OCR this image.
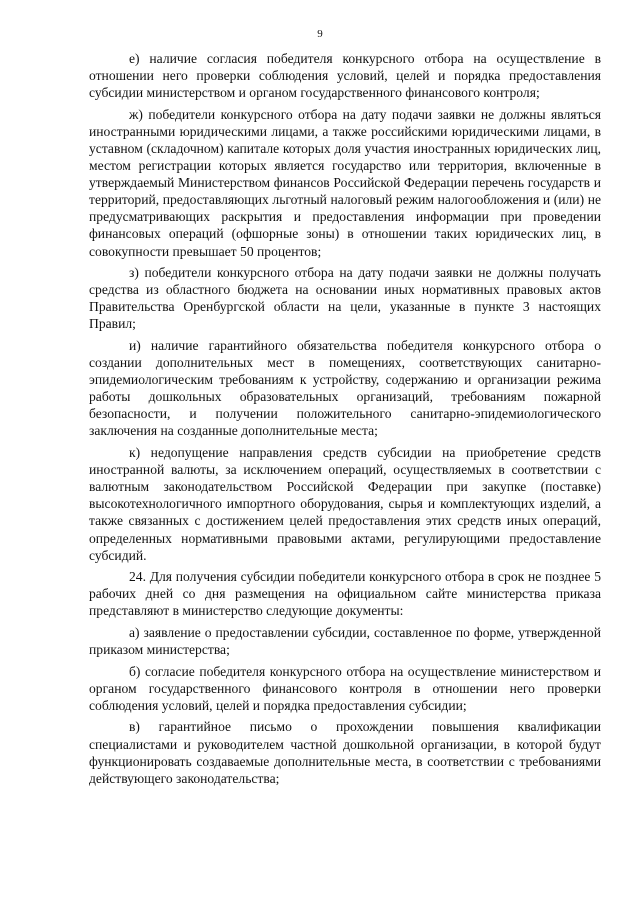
9

е) наличие согласия победителя конкурсного отбора на осуществление в отношении него проверки соблюдения условий, целей и порядка предоставления субсидии министерством и органом государственного финансового контроля;

ж) победители конкурсного отбора на дату подачи заявки не должны являться иностранными юридическими лицами, а также российскими юридическими лицами, в уставном (складочном) капитале которых доля участия иностранных юридических лиц, местом регистрации которых является государство или территория, включенные в утверждаемый Министерством финансов Российской Федерации перечень государств и территорий, предоставляющих льготный налоговый режим налогообложения и (или) не предусматривающих раскрытия и предоставления информации при проведении финансовых операций (офшорные зоны) в отношении таких юридических лиц, в совокупности превышает 50 процентов;

з) победители конкурсного отбора на дату подачи заявки не должны получать средства из областного бюджета на основании иных нормативных правовых актов Правительства Оренбургской области на цели, указанные в пункте 3 настоящих Правил;

и) наличие гарантийного обязательства победителя конкурсного отбора о создании дополнительных мест в помещениях, соответствующих санитарно-эпидемиологическим требованиям к устройству, содержанию и организации режима работы дошкольных образовательных организаций, требованиям пожарной безопасности, и получении положительного санитарно-эпидемиологического заключения на созданные дополнительные места;

к) недопущение направления средств субсидии на приобретение средств иностранной валюты, за исключением операций, осуществляемых в соответствии с валютным законодательством Российской Федерации при закупке (поставке) высокотехнологичного импортного оборудования, сырья и комплектующих изделий, а также связанных с достижением целей предоставления этих средств иных операций, определенных нормативными правовыми актами, регулирующими предоставление субсидий.

24. Для получения субсидии победители конкурсного отбора в срок не позднее 5 рабочих дней со дня размещения на официальном сайте министерства приказа представляют в министерство следующие документы:

а) заявление о предоставлении субсидии, составленное по форме, утвержденной приказом министерства;

б) согласие победителя конкурсного отбора на осуществление министерством и органом государственного финансового контроля в отношении него проверки соблюдения условий, целей и порядка предоставления субсидии;

в) гарантийное письмо о прохождении повышения квалификации специалистами и руководителем частной дошкольной организации, в которой будут функционировать создаваемые дополнительные места, в соответствии с требованиями действующего законодательства;
